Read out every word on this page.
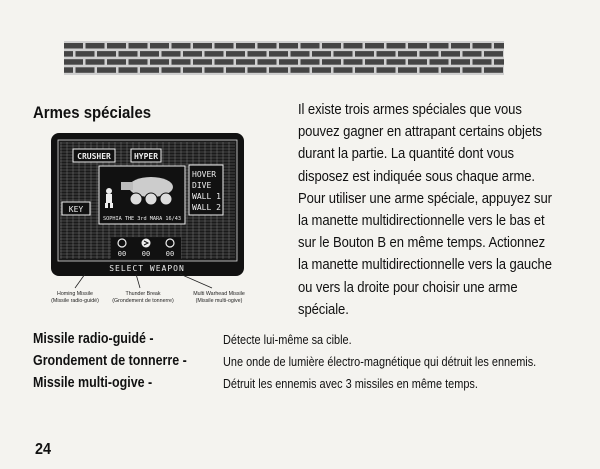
Armes spéciales	Il existe trois armes spéciales que vous pouvez gagner en attrapant certains objets durant la partie. La quantité dont vous disposez est indiquée sous chaque arme. Pour utiliser une arme spéciale, appuyez sur la manette multidirectionnelle vers le bas et sur le Bouton B en même temps. Actionnez la manette multidirectionnelle vers la gauche ou vers la droite pour choisir une arme spéciale.

CRUSHER	HYPER
HOVER
DIVE
WALL 1
WALL 2
KEY
SOPHIA THE 3rd MARA 16/43
00 00 00
SELECT WEAPON
Homing Missile
(Missile radio-guidé)
Thunder Break
(Grondement de tonnerre)
Multi Warhead Missile
(Missile multi-ogive)
Missile radio-guidé -	Détecte lui-même sa cible.
Grondement de tonnerre -	Une onde de lumière électro-magnétique qui détruit les ennemis.
Missile multi-ogive -	Détruit les ennemis avec 3 missiles en même temps.
24
